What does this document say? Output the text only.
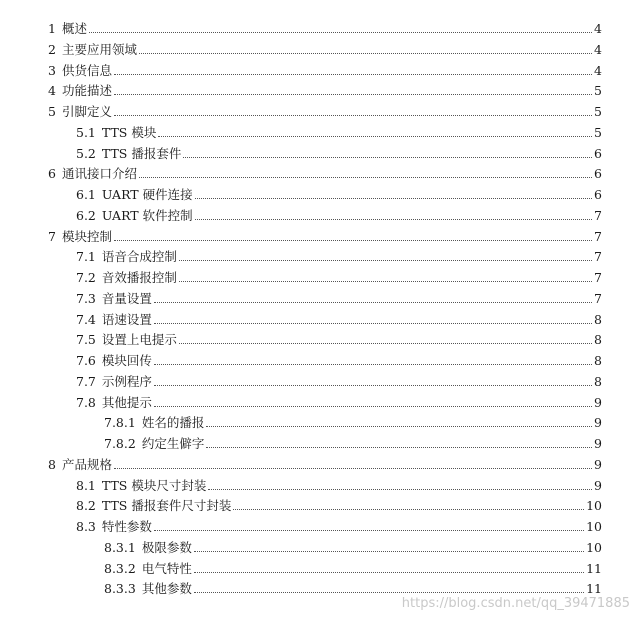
1 概述	4
2 主要应用领域	4
3 供货信息	4
4 功能描述	5
5 引脚定义	5
5.1 TTS 模块	5
5.2 TTS 播报套件	6
6 通讯接口介绍	6
6.1 UART 硬件连接	6
6.2 UART 软件控制	7
7 模块控制	7
7.1 语音合成控制	7
7.2 音效播报控制	7
7.3 音量设置	7
7.4 语速设置	8
7.5 设置上电提示	8
7.6 模块回传	8
7.7 示例程序	8
7.8 其他提示	9
7.8.1 姓名的播报	9
7.8.2 约定生僻字	9
8 产品规格	9
8.1 TTS 模块尺寸封装	9
8.2 TTS 播报套件尺寸封装	10
8.3 特性参数	10
8.3.1 极限参数	10
8.3.2 电气特性	11
8.3.3 其他参数	11
https://blog.csdn.net/qq_39471885
